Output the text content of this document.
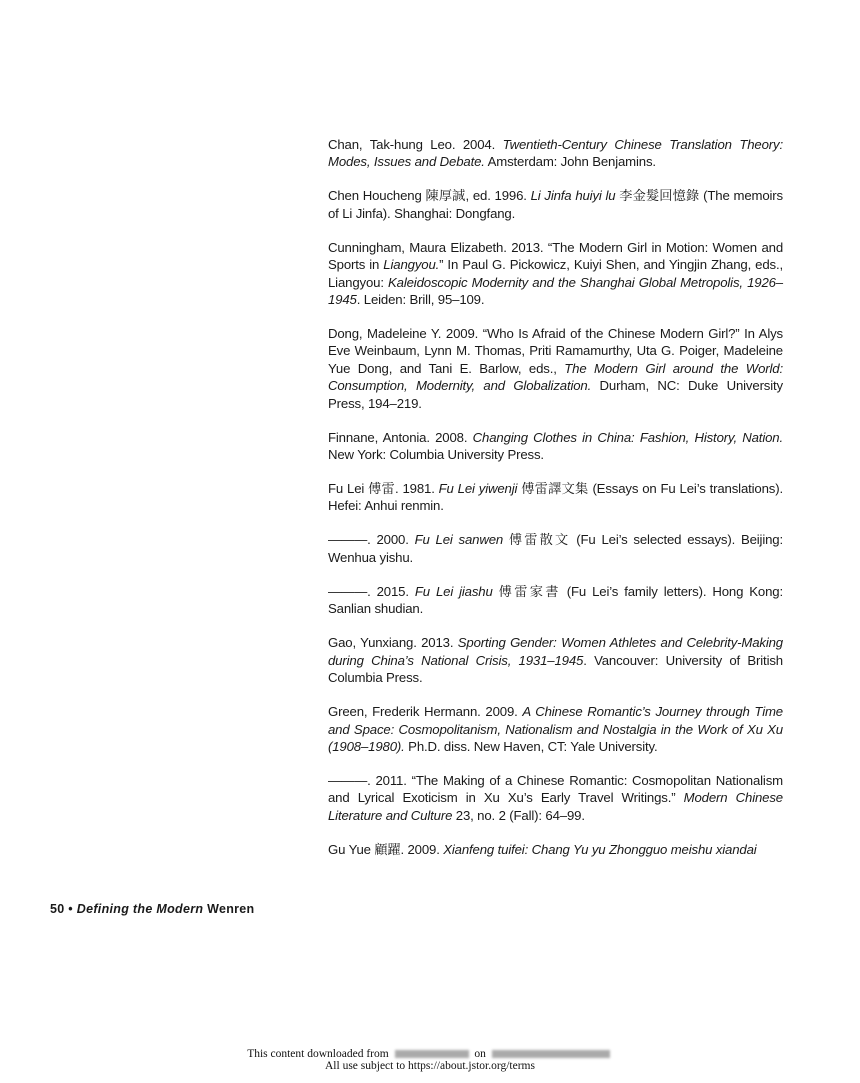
Chan, Tak-hung Leo. 2004. Twentieth-Century Chinese Translation Theory: Modes, Issues and Debate. Amsterdam: John Benjamins.

Chen Houcheng 陳厚誠, ed. 1996. Li Jinfa huiyi lu 李金髮回憶錄 (The memoirs of Li Jinfa). Shanghai: Dongfang.

Cunningham, Maura Elizabeth. 2013. “The Modern Girl in Motion: Women and Sports in Liangyou.” In Paul G. Pickowicz, Kuiyi Shen, and Yingjin Zhang, eds., Liangyou: Kaleidoscopic Modernity and the Shanghai Global Metropolis, 1926–1945. Leiden: Brill, 95–109.

Dong, Madeleine Y. 2009. “Who Is Afraid of the Chinese Modern Girl?” In Alys Eve Weinbaum, Lynn M. Thomas, Priti Ramamurthy, Uta G. Poiger, Madeleine Yue Dong, and Tani E. Barlow, eds., The Modern Girl around the World: Consumption, Modernity, and Globalization. Durham, NC: Duke University Press, 194–219.

Finnane, Antonia. 2008. Changing Clothes in China: Fashion, History, Nation. New York: Columbia University Press.

Fu Lei 傅雷. 1981. Fu Lei yiwenji 傅雷譯文集 (Essays on Fu Lei’s translations). Hefei: Anhui renmin.

———. 2000. Fu Lei sanwen 傅雷散文 (Fu Lei’s selected essays). Beijing: Wenhua yishu.

———. 2015. Fu Lei jiashu 傅雷家書 (Fu Lei’s family letters). Hong Kong: Sanlian shudian.

Gao, Yunxiang. 2013. Sporting Gender: Women Athletes and Celebrity-Making during China’s National Crisis, 1931–1945. Vancouver: University of British Columbia Press.

Green, Frederik Hermann. 2009. A Chinese Romantic’s Journey through Time and Space: Cosmopolitanism, Nationalism and Nostalgia in the Work of Xu Xu (1908–1980). Ph.D. diss. New Haven, CT: Yale University.

———. 2011. “The Making of a Chinese Romantic: Cosmopolitan Nationalism and Lyrical Exoticism in Xu Xu’s Early Travel Writings.” Modern Chinese Literature and Culture 23, no. 2 (Fall): 64–99.

Gu Yue 顧躍. 2009. Xianfeng tuifei: Chang Yu yu Zhongguo meishu xiandai

50 • Defining the Modern Wenren
This content downloaded from	on
All use subject to https://about.jstor.org/terms
